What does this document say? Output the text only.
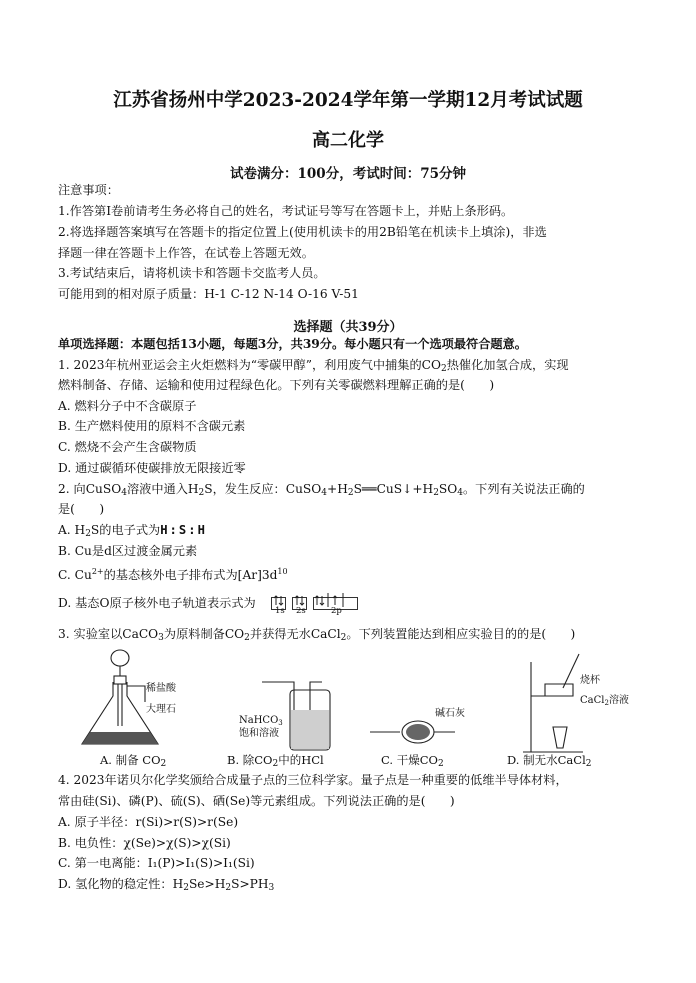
江苏省扬州中学2023-2024学年第一学期12月考试试题
高二化学
试卷满分：100分，考试时间：75分钟
注意事项：
1.作答第Ⅰ卷前请考生务必将自己的姓名，考试证号等写在答题卡上，并贴上条形码。
2.将选择题答案填写在答题卡的指定位置上(使用机读卡的用2B铅笔在机读卡上填涂)，非选
择题一律在答题卡上作答，在试卷上答题无效。
3.考试结束后，请将机读卡和答题卡交监考人员。
可能用到的相对原子质量：H-1 C-12 N-14 O-16 V-51
选择题（共39分）
单项选择题：本题包括13小题，每题3分，共39分。每小题只有一个选项最符合题意。
1. 2023年杭州亚运会主火炬燃料为“零碳甲醇”，利用废气中捕集的$CO_2$热催化加氢合成，实现
燃料制备、存储、运输和使用过程绿色化。下列有关零碳燃料理解正确的是(　　)
A. 燃料分子中不含碳原子
B. 生产燃料使用的原料不含碳元素
C. 燃烧不会产生含碳物质
D. 通过碳循环使碳排放无限接近零
2. 向CuSO$_4$溶液中通入$H_2S$，发生反应：$CuSO_4+H_2S══CuS↓+H_2SO_4$。下列有关说法正确的
是(　　)
A. $H_2S$的电子式为H:S:H
B. Cu是d区过渡金属元素
C. $Cu^{2+}$的基态核外电子排布式为$[Ar]3d^{10}$
D. 基态O原子核外电子轨道表示式为
1s 2s	2p
3. 实验室以CaCO$_3$为原料制备$CO_2$并获得无水CaCl$_2$。下列装置能达到相应实验目的的是(　　)
稀盐酸
大理石
NaHCO$_3$
饱和溶液
碱石灰
烧杯
CaCl$_2$溶液
A. 制备 $CO_2$	B. 除$CO_2$中的HCl	C. 干燥$CO_2$	D. 制无水CaCl$_2$
4. 2023年诺贝尔化学奖颁给合成量子点的三位科学家。量子点是一种重要的低维半导体材料，
常由硅(Si)、磷(P)、硫(S)、硒(Se)等元素组成。下列说法正确的是(　　)
A. 原子半径：r(Si)>r(S)>r(Se)
B. 电负性：χ(Se)>χ(S)>χ(Si)
C. 第一电离能：I₁(P)>I₁(S)>I₁(Si)
D. 氢化物的稳定性：$H_2Se>H_2S>PH_3$
